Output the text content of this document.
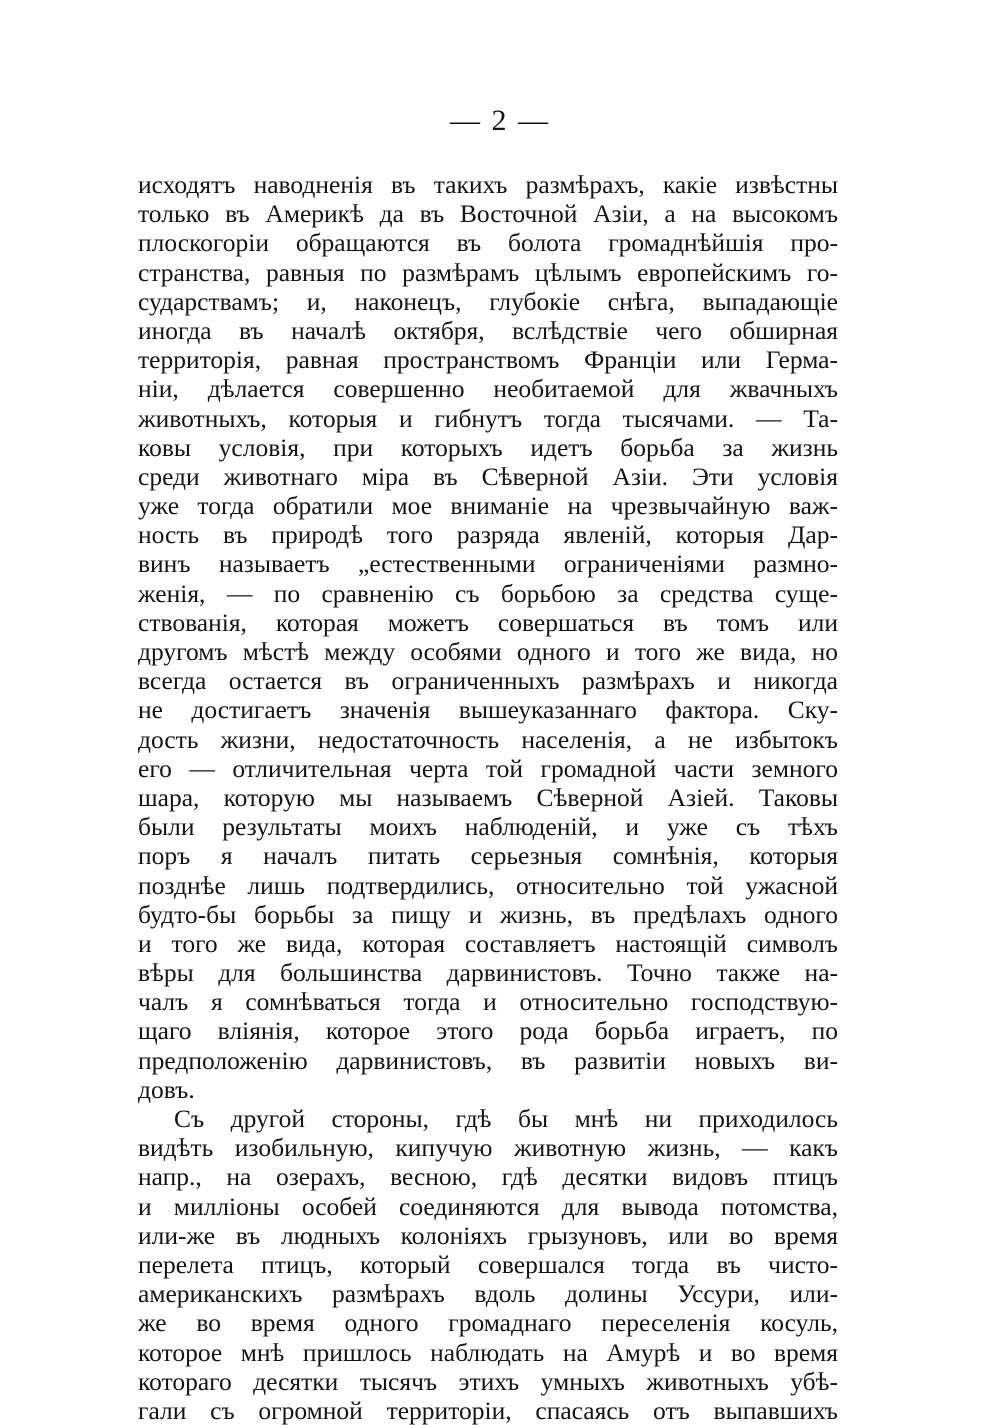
— 2 —
исходятъ наводненія въ такихъ размѣрахъ, какіе извѣстны
только въ Америкѣ да въ Восточной Азіи, а на высокомъ
плоскогоріи обращаются въ болота громаднѣйшія про-
странства, равныя по размѣрамъ цѣлымъ европейскимъ го-
сударствамъ; и, наконецъ, глубокіе снѣга, выпадающіе
иногда въ началѣ октября, вслѣдствіе чего обширная
территорія, равная пространствомъ Франціи или Герма-
ніи, дѣлается совершенно необитаемой для жвачныхъ
животныхъ, которыя и гибнутъ тогда тысячами. — Та-
ковы условія, при которыхъ идетъ борьба за жизнь
среди животнаго міра въ Сѣверной Азіи. Эти условія
уже тогда обратили мое вниманіе на чрезвычайную важ-
ность въ природѣ того разряда явленій, которыя Дар-
винъ называетъ „естественными ограниченіями размно-
женія, — по сравненію съ борьбою за средства суще-
ствованія, которая можетъ совершаться въ томъ или
другомъ мѣстѣ между особями одного и того же вида, но
всегда остается въ ограниченныхъ размѣрахъ и никогда
не достигаетъ значенія вышеуказаннаго фактора. Ску-
дость жизни, недостаточность населенія, а не избытокъ
его — отличительная черта той громадной части земного
шара, которую мы называемъ Сѣверной Азіей. Таковы
были результаты моихъ наблюденій, и уже съ тѣхъ
поръ я началъ питать серьезныя сомнѣнія, которыя
позднѣе лишь подтвердились, относительно той ужасной
будто-бы борьбы за пищу и жизнь, въ предѣлахъ одного
и того же вида, которая составляетъ настоящій символъ
вѣры для большинства дарвинистовъ. Точно также на-
чалъ я сомнѣваться тогда и относительно господствую-
щаго вліянія, которое этого рода борьба играетъ, по
предположенію дарвинистовъ, въ развитіи новыхъ ви-
довъ.
Съ другой стороны, гдѣ бы мнѣ ни приходилось
видѣть изобильную, кипучую животную жизнь, — какъ
напр., на озерахъ, весною, гдѣ десятки видовъ птицъ
и милліоны особей соединяются для вывода потомства,
или-же въ людныхъ колоніяхъ грызуновъ, или во время
перелета птицъ, который совершался тогда въ чисто-
американскихъ размѣрахъ вдоль долины Уссури, или-
же во время одного громаднаго переселенія косуль,
которое мнѣ пришлось наблюдать на Амурѣ и во время
котораго десятки тысячъ этихъ умныхъ животныхъ убѣ-
гали съ огромной территоріи, спасаясь отъ выпавшихъ
